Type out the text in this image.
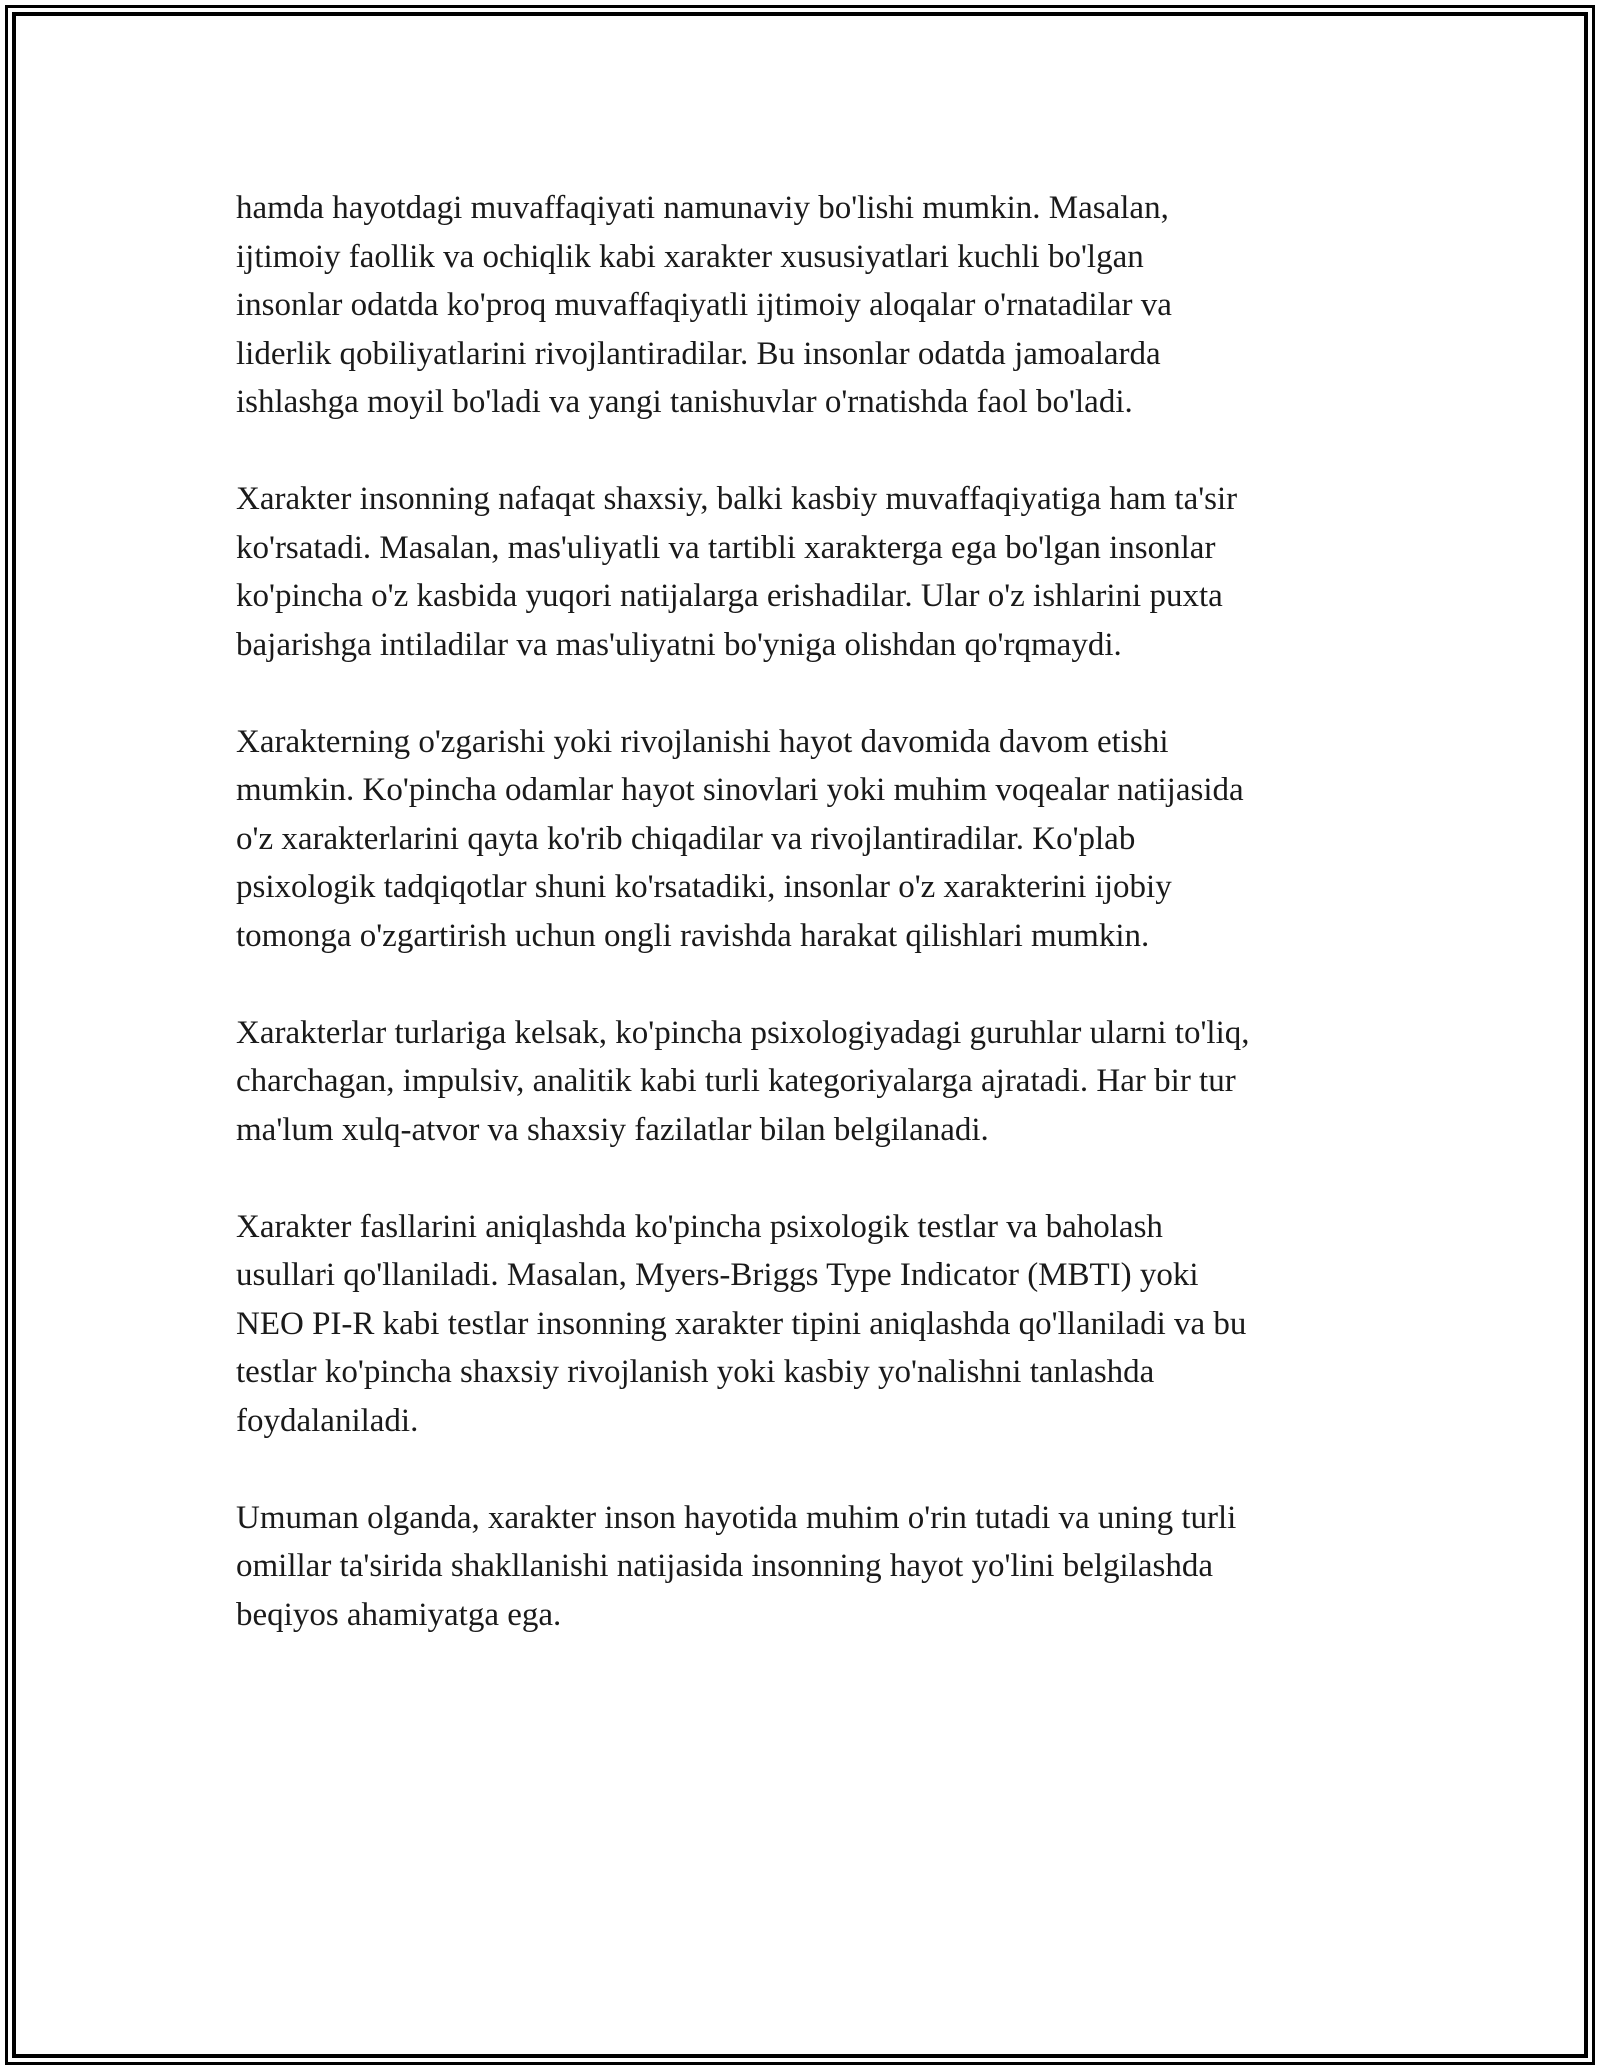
hamda hayotdagi muvaffaqiyati namunaviy bo'lishi mumkin. Masalan,
ijtimoiy faollik va ochiqlik kabi xarakter xususiyatlari kuchli bo'lgan
insonlar odatda ko'proq muvaffaqiyatli ijtimoiy aloqalar o'rnatadilar va
liderlik qobiliyatlarini rivojlantiradilar. Bu insonlar odatda jamoalarda
ishlashga moyil bo'ladi va yangi tanishuvlar o'rnatishda faol bo'ladi.

Xarakter insonning nafaqat shaxsiy, balki kasbiy muvaffaqiyatiga ham ta'sir
ko'rsatadi. Masalan, mas'uliyatli va tartibli xarakterga ega bo'lgan insonlar
ko'pincha o'z kasbida yuqori natijalarga erishadilar. Ular o'z ishlarini puxta
bajarishga intiladilar va mas'uliyatni bo'yniga olishdan qo'rqmaydi.

Xarakterning o'zgarishi yoki rivojlanishi hayot davomida davom etishi
mumkin. Ko'pincha odamlar hayot sinovlari yoki muhim voqealar natijasida
o'z xarakterlarini qayta ko'rib chiqadilar va rivojlantiradilar. Ko'plab
psixologik tadqiqotlar shuni ko'rsatadiki, insonlar o'z xarakterini ijobiy
tomonga o'zgartirish uchun ongli ravishda harakat qilishlari mumkin.

Xarakterlar turlariga kelsak, ko'pincha psixologiyadagi guruhlar ularni to'liq,
charchagan, impulsiv, analitik kabi turli kategoriyalarga ajratadi. Har bir tur
ma'lum xulq-atvor va shaxsiy fazilatlar bilan belgilanadi.

Xarakter fasllarini aniqlashda ko'pincha psixologik testlar va baholash
usullari qo'llaniladi. Masalan, Myers-Briggs Type Indicator (MBTI) yoki
NEO PI-R kabi testlar insonning xarakter tipini aniqlashda qo'llaniladi va bu
testlar ko'pincha shaxsiy rivojlanish yoki kasbiy yo'nalishni tanlashda
foydalaniladi.

Umuman olganda, xarakter inson hayotida muhim o'rin tutadi va uning turli
omillar ta'sirida shakllanishi natijasida insonning hayot yo'lini belgilashda
beqiyos ahamiyatga ega.
